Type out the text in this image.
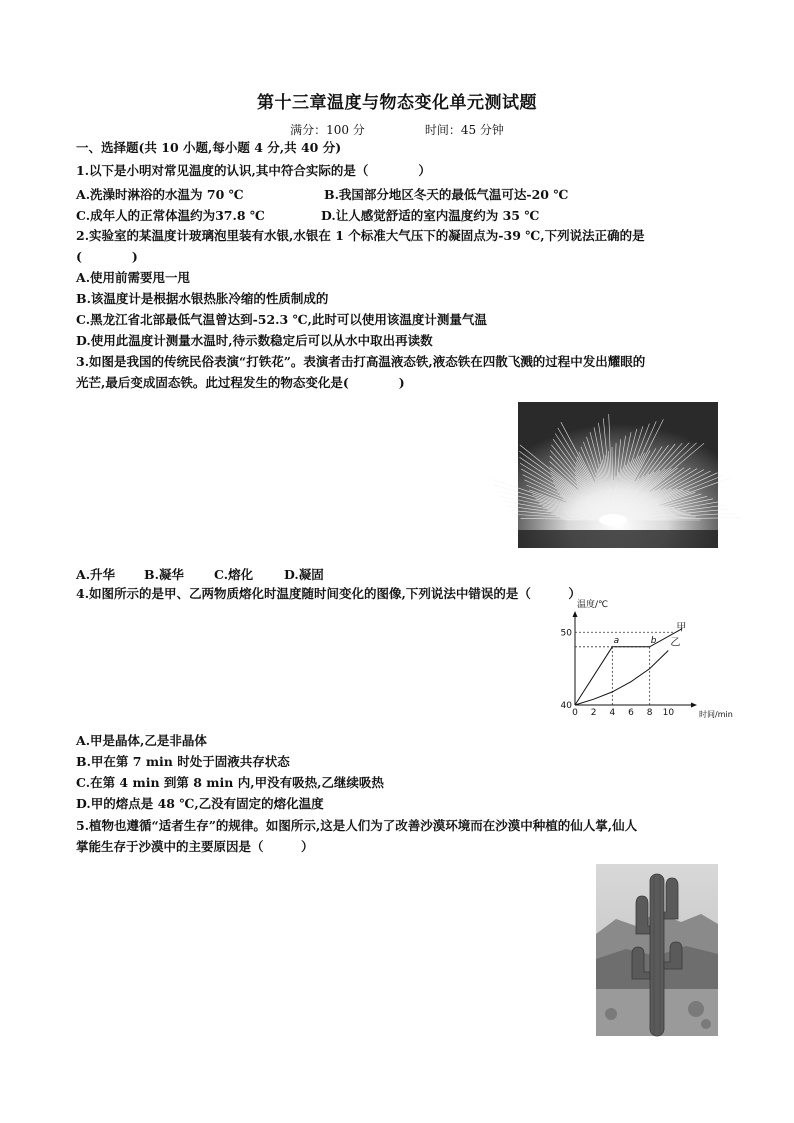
第十三章温度与物态变化单元测试题
满分：100 分	时间：45 分钟
一、选择题(共 10 小题,每小题 4 分,共 40 分)
1.以下是小明对常见温度的认识,其中符合实际的是（　　　　）
A.洗澡时淋浴的水温为 70 ℃	B.我国部分地区冬天的最低气温可达-20 ℃
C.成年人的正常体温约为37.8 ℃	D.让人感觉舒适的室内温度约为 35 ℃
2.实验室的某温度计玻璃泡里装有水银,水银在 1 个标准大气压下的凝固点为-39 ℃,下列说法正确的是
(　　　　)
A.使用前需要甩一甩
B.该温度计是根据水银热胀冷缩的性质制成的
C.黑龙江省北部最低气温曾达到-52.3 ℃,此时可以使用该温度计测量气温
D.使用此温度计测量水温时,待示数稳定后可以从水中取出再读数
3.如图是我国的传统民俗表演“打铁花”。表演者击打高温液态铁,液态铁在四散飞溅的过程中发出耀眼的
光芒,最后变成固态铁。此过程发生的物态变化是(　　　　)
A.升华 B.凝华 C.熔化 D.凝固
4.如图所示的是甲、乙两物质熔化时温度随时间变化的图像,下列说法中错误的是（　　　）
温度/℃
时间/min
0 2 4 6 8 10
40
50	甲
乙
a	b
A.甲是晶体,乙是非晶体
B.甲在第 7 min 时处于固液共存状态
C.在第 4 min 到第 8 min 内,甲没有吸热,乙继续吸热
D.甲的熔点是 48 ℃,乙没有固定的熔化温度
5.植物也遵循“适者生存”的规律。如图所示,这是人们为了改善沙漠环境而在沙漠中种植的仙人掌,仙人
掌能生存于沙漠中的主要原因是（　　　）
